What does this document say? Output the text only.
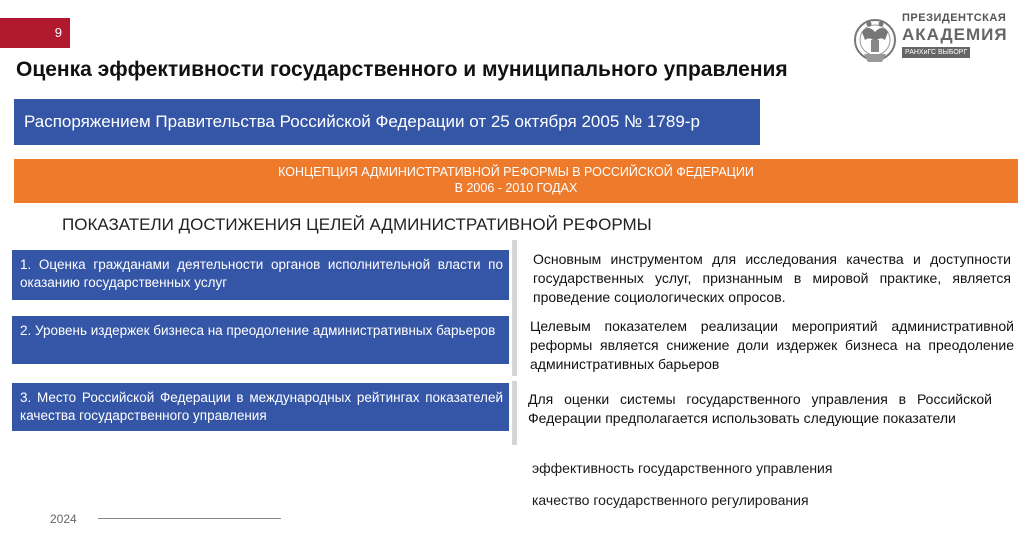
9
Оценка эффективности государственного и муниципального управления
ПРЕЗИДЕНТСКАЯ
АКАДЕМИЯ
РАНХиГС ВЫБОРГ
Распоряжением Правительства Российской Федерации от 25 октября 2005 № 1789-р
КОНЦЕПЦИЯ АДМИНИСТРАТИВНОЙ РЕФОРМЫ В РОССИЙСКОЙ ФЕДЕРАЦИИ
В 2006 - 2010 ГОДАХ
ПОКАЗАТЕЛИ ДОСТИЖЕНИЯ ЦЕЛЕЙ АДМИНИСТРАТИВНОЙ РЕФОРМЫ
1. Оценка гражданами деятельности органов исполнительной власти по оказанию государственных услуг
2. Уровень издержек бизнеса на преодоление административных барьеров
3. Место Российской Федерации в международных рейтингах показателей качества государственного управления
Основным инструментом для исследования качества и доступности государственных услуг, признанным в мировой практике, является проведение социологических опросов.
Целевым показателем реализации мероприятий административной реформы является снижение доли издержек бизнеса на преодоление административных барьеров
Для оценки системы государственного управления в Российской Федерации предполагается использовать следующие показатели
эффективность государственного управления
качество государственного регулирования
2024
